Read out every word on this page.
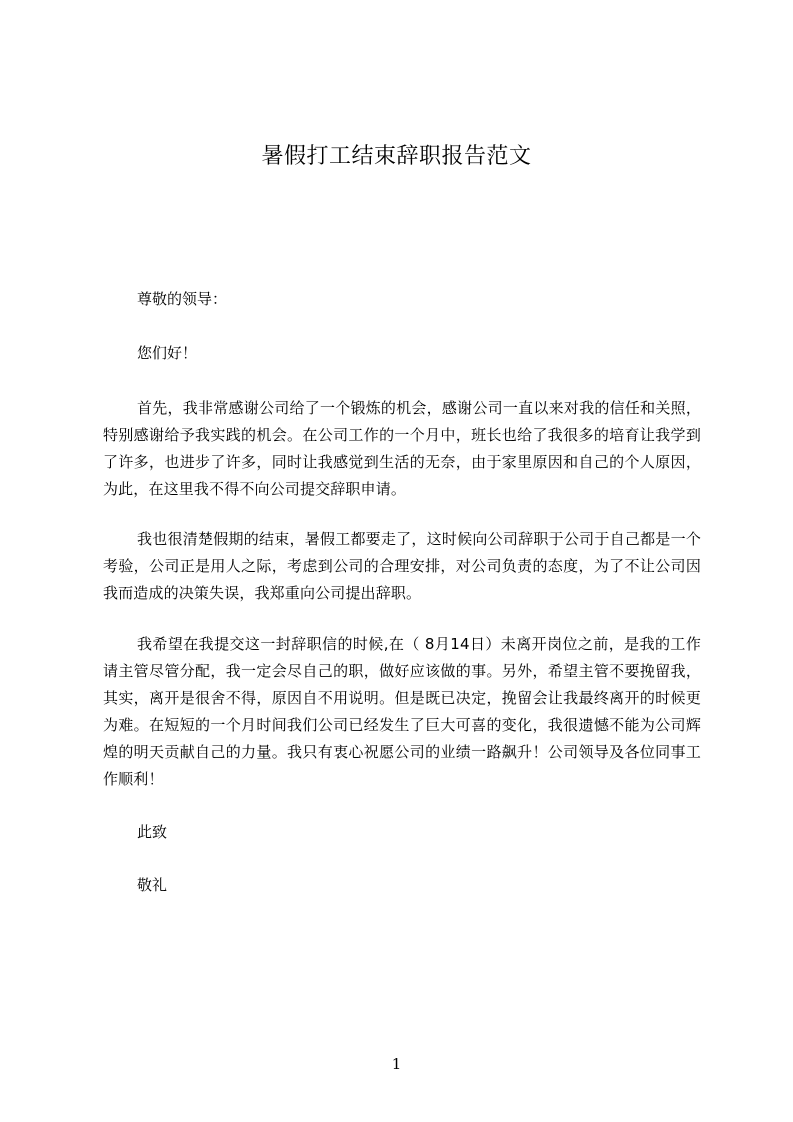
暑假打工结束辞职报告范文
尊敬的领导：
您们好！
首先，我非常感谢公司给了一个锻炼的机会，感谢公司一直以来对我的信任和关照，特别感谢给予我实践的机会。在公司工作的一个月中，班长也给了我很多的培育让我学到了许多，也进步了许多，同时让我感觉到生活的无奈，由于家里原因和自己的个人原因，为此，在这里我不得不向公司提交辞职申请。
我也很清楚假期的结束，暑假工都要走了，这时候向公司辞职于公司于自己都是一个考验，公司正是用人之际，考虑到公司的合理安排，对公司负责的态度，为了不让公司因我而造成的决策失误，我郑重向公司提出辞职。
我希望在我提交这一封辞职信的时候,在（ 8月14日）未离开岗位之前，是我的工作请主管尽管分配，我一定会尽自己的职，做好应该做的事。另外，希望主管不要挽留我，其实，离开是很舍不得，原因自不用说明。但是既已决定，挽留会让我最终离开的时候更为难。在短短的一个月时间我们公司已经发生了巨大可喜的变化，我很遗憾不能为公司辉煌的明天贡献自己的力量。我只有衷心祝愿公司的业绩一路飙升！公司领导及各位同事工作顺利！
此致
敬礼
1
